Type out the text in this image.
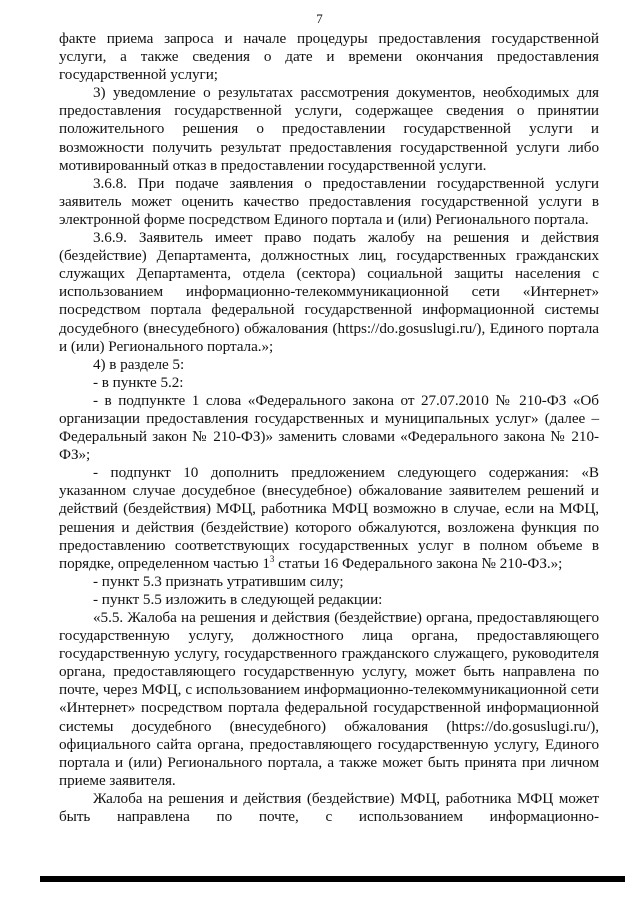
7

факте приема запроса и начале процедуры предоставления государственной услуги, а также сведения о дате и времени окончания предоставления государственной услуги;

3) уведомление о результатах рассмотрения документов, необходимых для предоставления государственной услуги, содержащее сведения о принятии положительного решения о предоставлении государственной услуги и возможности получить результат предоставления государственной услуги либо мотивированный отказ в предоставлении государственной услуги.

3.6.8. При подаче заявления о предоставлении государственной услуги заявитель может оценить качество предоставления государственной услуги в электронной форме посредством Единого портала и (или) Регионального портала.

3.6.9. Заявитель имеет право подать жалобу на решения и действия (бездействие) Департамента, должностных лиц, государственных гражданских служащих Департамента, отдела (сектора) социальной защиты населения с использованием информационно-телекоммуникационной сети «Интернет» посредством портала федеральной государственной информационной системы досудебного (внесудебного) обжалования (https://do.gosuslugi.ru/), Единого портала и (или) Регионального портала.»;

4) в разделе 5:

- в пункте 5.2:

- в подпункте 1 слова «Федерального закона от 27.07.2010 № 210-ФЗ «Об организации предоставления государственных и муниципальных услуг» (далее – Федеральный закон № 210-ФЗ)» заменить словами «Федерального закона № 210-ФЗ»;

- подпункт 10 дополнить предложением следующего содержания: «В указанном случае досудебное (внесудебное) обжалование заявителем решений и действий (бездействия) МФЦ, работника МФЦ возможно в случае, если на МФЦ, решения и действия (бездействие) которого обжалуются, возложена функция по предоставлению соответствующих государственных услуг в полном объеме в порядке, определенном частью $1^3$ статьи 16 Федерального закона № 210-ФЗ.»;

- пункт 5.3 признать утратившим силу;

- пункт 5.5 изложить в следующей редакции:

«5.5. Жалоба на решения и действия (бездействие) органа, предоставляющего государственную услугу, должностного лица органа, предоставляющего государственную услугу, государственного гражданского служащего, руководителя органа, предоставляющего государственную услугу, может быть направлена по почте, через МФЦ, с использованием информационно-телекоммуникационной сети «Интернет» посредством портала федеральной государственной информационной системы досудебного (внесудебного) обжалования (https://do.gosuslugi.ru/), официального сайта органа, предоставляющего государственную услугу, Единого портала и (или) Регионального портала, а также может быть принята при личном приеме заявителя.

Жалоба на решения и действия (бездействие) МФЦ, работника МФЦ может быть направлена по почте, с использованием информационно-
